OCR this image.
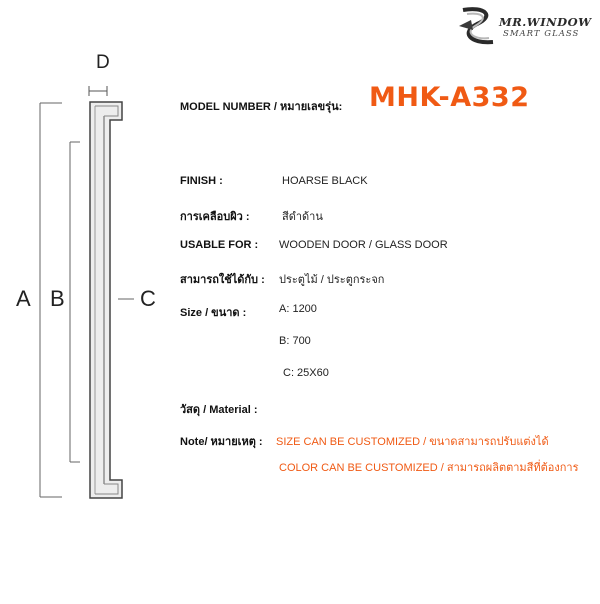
MR.WINDOW
SMART GLASS
A B	C
D
MODEL NUMBER / หมายเลขรุ่น: MHK-A332
FINISH :	HOARSE BLACK
การเคลือบผิว :	สีดำด้าน
USABLE FOR : WOODEN DOOR / GLASS DOOR
สามารถใช้ได้กับ : ประตูไม้ / ประตูกระจก
Size / ขนาด :	A: 1200
B: 700
C: 25X60
วัสดุ / Material :
Note/ หมายเหตุ : SIZE CAN BE CUSTOMIZED / ขนาดสามารถปรับแต่งได้
COLOR CAN BE CUSTOMIZED / สามารถผลิตตามสีที่ต้องการ
